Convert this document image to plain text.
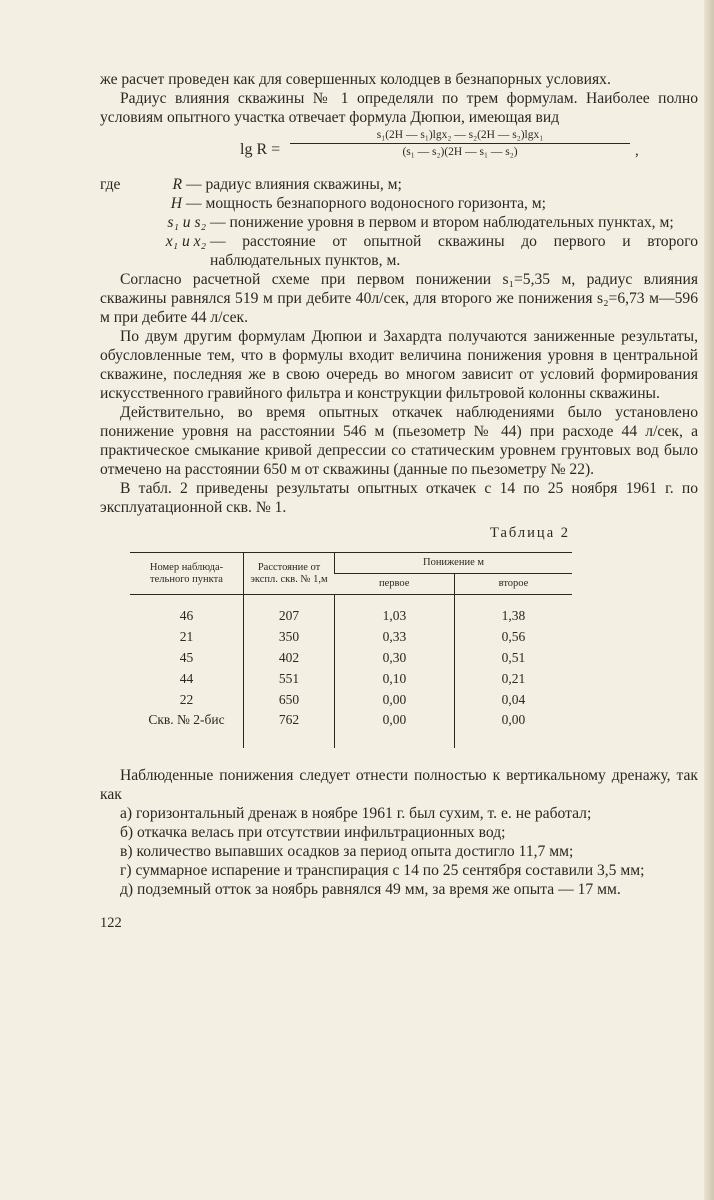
же расчет проведен как для совершенных колодцев в безнапорных условиях.

Радиус влияния скважины № 1 определяли по трем формулам. Наиболее полно условиям опытного участка отвечает формула Дюпюи, имеющая вид

$\lg R = \frac{\text{s₁(2H — s₁)lgx₂ — s₂(2H — s₂)lgx₁}}{\text{(s₁ — s₂)(2H — s₁ — s₂)}}$ ,
где	R — радиус влияния скважины, м;
H — мощность безнапорного водоносного горизонта, м;
s₁ и s₂ — понижение уровня в первом и втором наблюдательных пунктах, м;
x₁ и x₂ — расстояние от опытной скважины до первого и второго наблюдательных пунктов, м.

Согласно расчетной схеме при первом понижении s₁=5,35 м, радиус влияния скважины равнялся 519 м при дебите 40л/сек, для второго же понижения s₂=6,73 м—596 м при дебите 44 л/сек.

По двум другим формулам Дюпюи и Захардта получаются заниженные результаты, обусловленные тем, что в формулы входит величина понижения уровня в центральной скважине, последняя же в свою очередь во многом зависит от условий формирования искусственного гравийного фильтра и конструкции фильтровой колонны скважины.

Действительно, во время опытных откачек наблюдениями было установлено понижение уровня на расстоянии 546 м (пьезометр № 44) при расходе 44 л/сек, а практическое смыкание кривой депрессии со статическим уровнем грунтовых вод было отмечено на расстоянии 650 м от скважины (данные по пьезометру № 22).

В табл. 2 приведены результаты опытных откачек с 14 по 25 ноября 1961 г. по эксплуатационной скв. № 1.

Таблица 2
Номер наблюда-тельного пункта	Расстояние от экспл. скв. № 1,м	Понижение м	
		первое	второе
46	207	1,03	1,38
21	350	0,33	0,56
45	402	0,30	0,51
44	551	0,10	0,21
22	650	0,00	0,04
Скв. № 2-бис	762	0,00	0,00

Наблюденные понижения следует отнести полностью к вертикальному дренажу, так как

а) горизонтальный дренаж в ноябре 1961 г. был сухим, т. е. не работал;
б) откачка велась при отсутствии инфильтрационных вод;
в) количество выпавших осадков за период опыта достигло 11,7 мм;
г) суммарное испарение и транспирация с 14 по 25 сентября составили 3,5 мм;
д) подземный отток за ноябрь равнялся 49 мм, за время же опыта — 17 мм.
122
